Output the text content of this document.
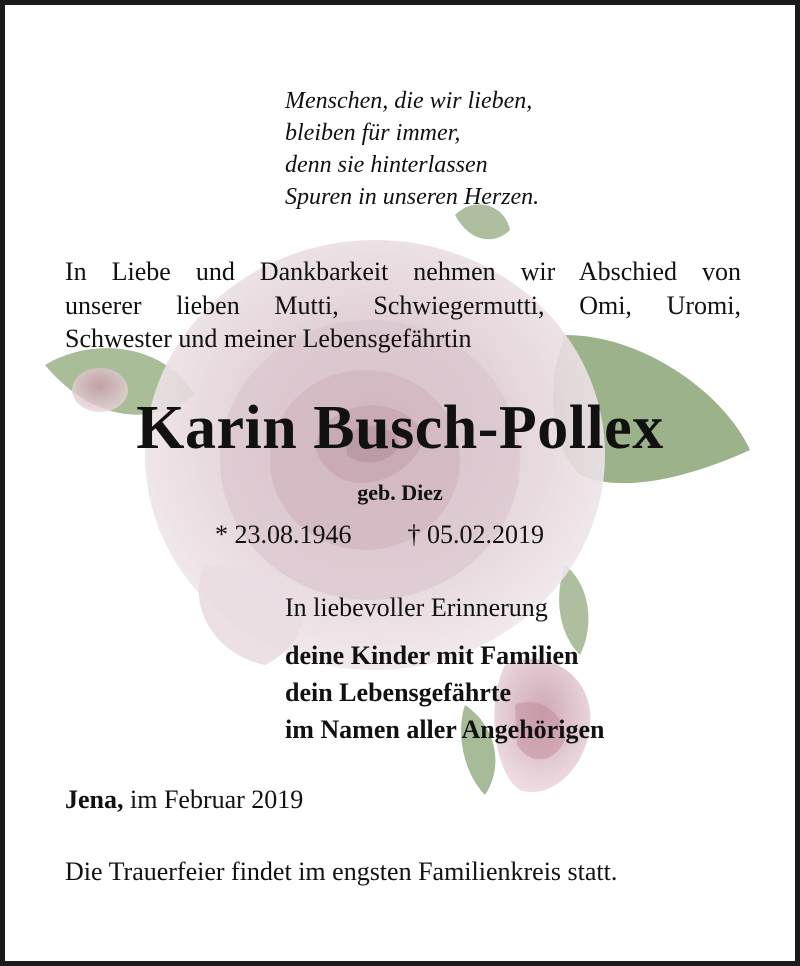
Menschen, die wir lieben,
bleiben für immer,
denn sie hinterlassen
Spuren in unseren Herzen.
In Liebe und Dankbarkeit nehmen wir Abschied von
unserer lieben Mutti, Schwiegermutti, Omi, Uromi,
Schwester und meiner Lebensgefährtin
Karin Busch-Pollex
geb. Diez
* 23.08.1946 † 05.02.2019
In liebevoller Erinnerung
deine Kinder mit Familien
dein Lebensgefährte
im Namen aller Angehörigen
Jena, im Februar 2019
Die Trauerfeier findet im engsten Familienkreis statt.
